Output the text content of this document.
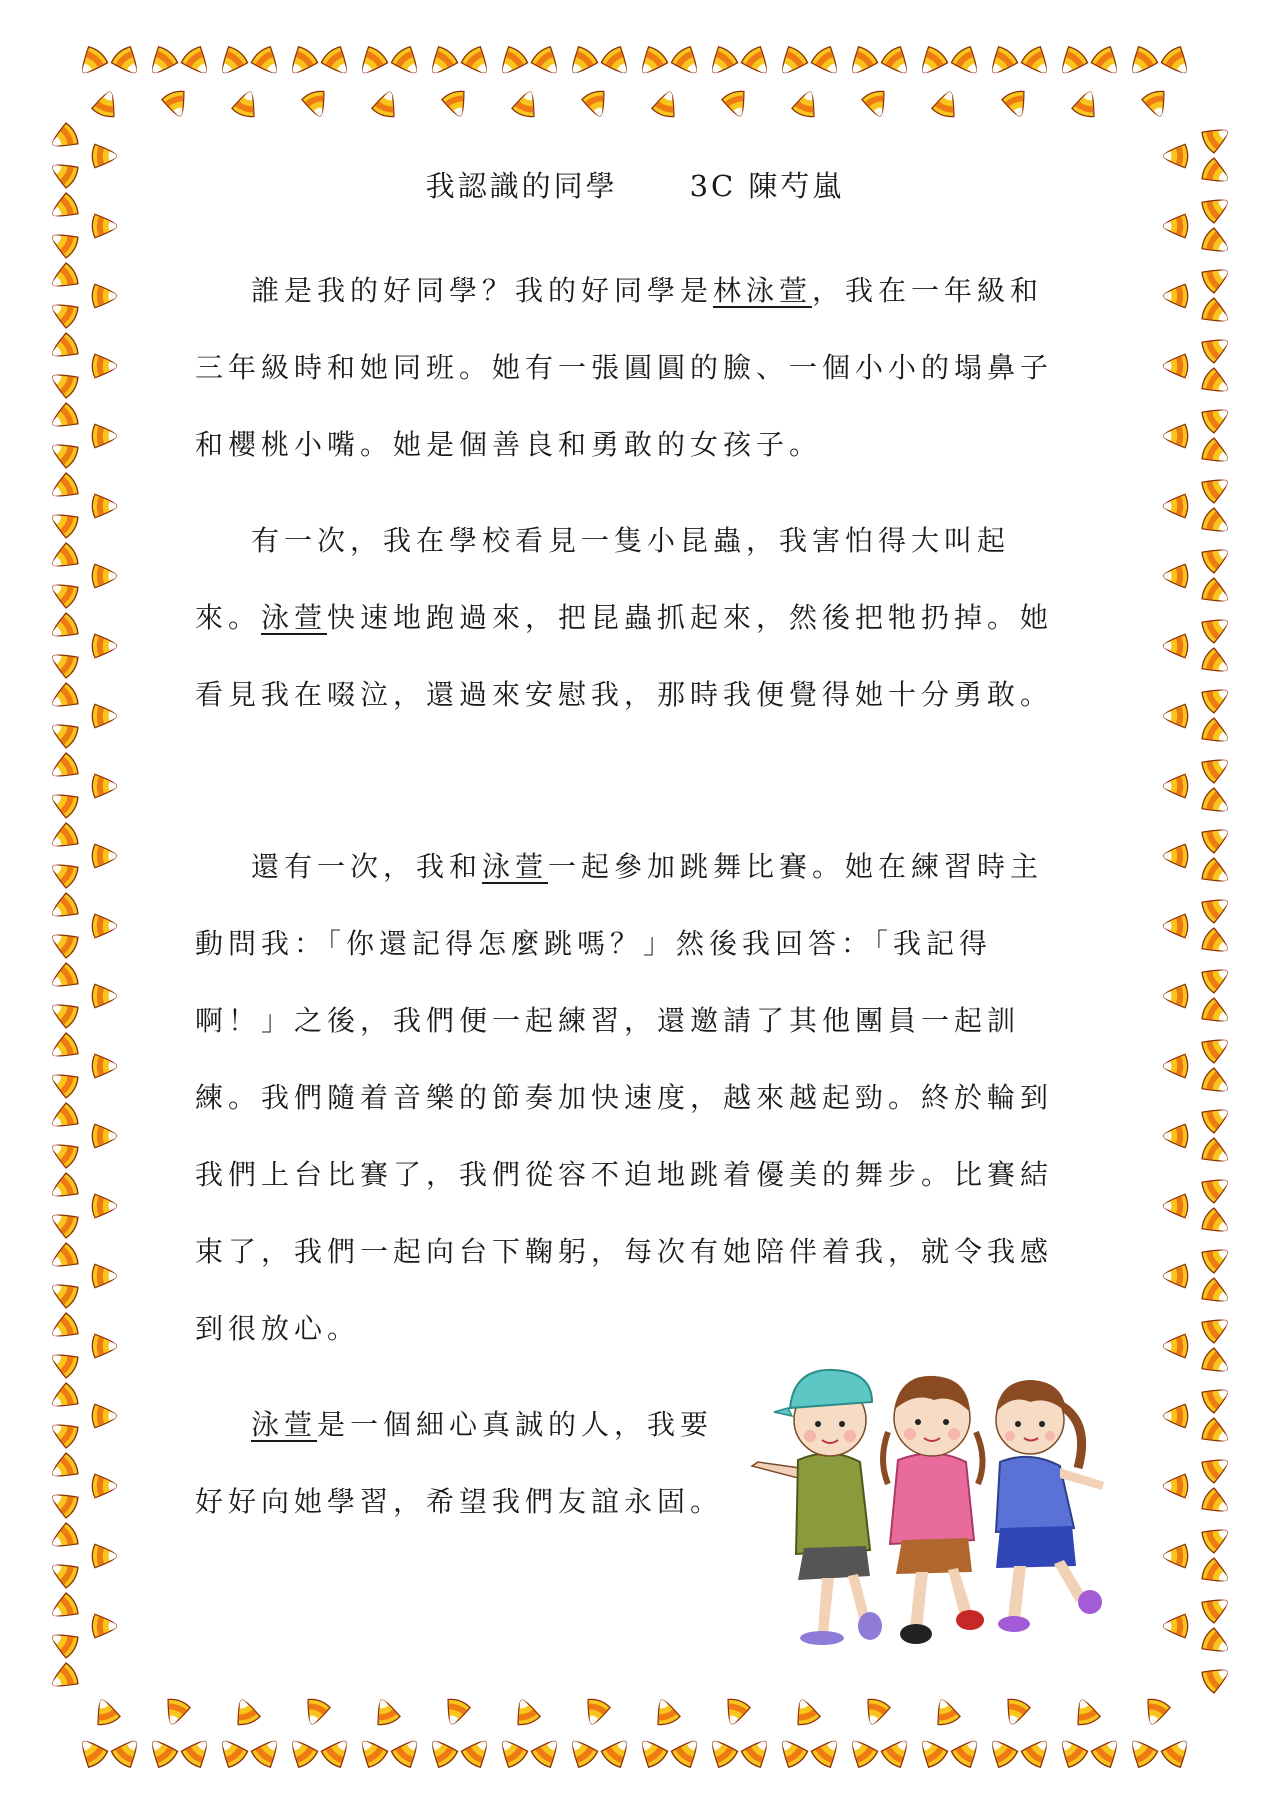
我認識的同學 3C 陳芍嵐

誰是我的好同學？我的好同學是林泳萱，我在一年級和三年級時和她同班。她有一張圓圓的臉、一個小小的塌鼻子和櫻桃小嘴。她是個善良和勇敢的女孩子。

有一次，我在學校看見一隻小昆蟲，我害怕得大叫起來。泳萱快速地跑過來，把昆蟲抓起來，然後把牠扔掉。她看見我在啜泣，還過來安慰我，那時我便覺得她十分勇敢。

還有一次，我和泳萱一起參加跳舞比賽。她在練習時主動問我：「你還記得怎麼跳嗎？」然後我回答：「我記得啊！」之後，我們便一起練習，還邀請了其他團員一起訓練。我們隨着音樂的節奏加快速度，越來越起勁。終於輪到我們上台比賽了，我們從容不迫地跳着優美的舞步。比賽結束了，我們一起向台下鞠躬，每次有她陪伴着我，就令我感到很放心。

泳萱是一個細心真誠的人，我要好好向她學習，希望我們友誼永固。
